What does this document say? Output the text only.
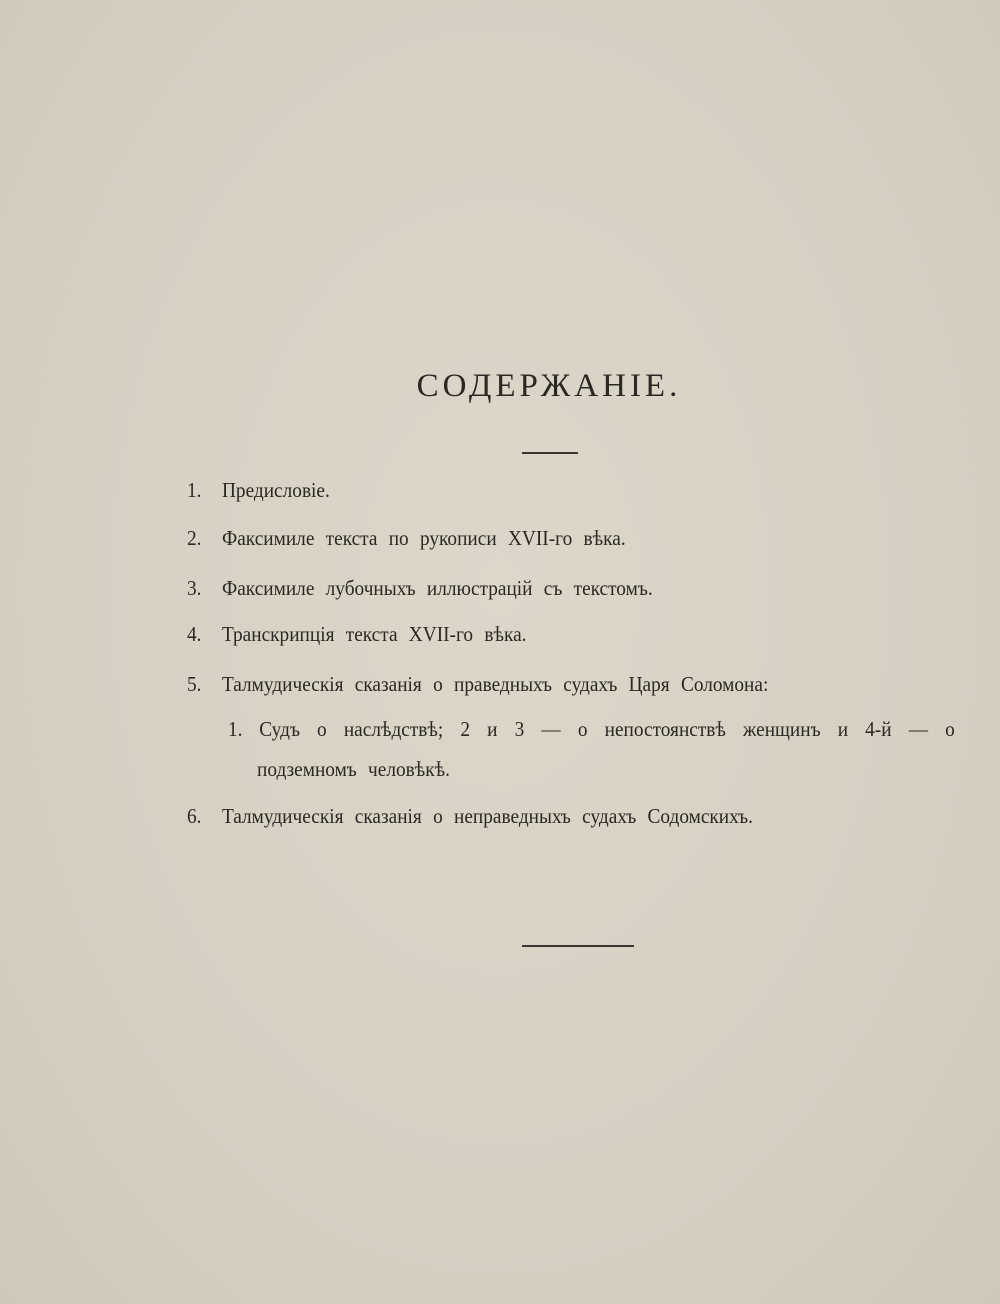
СОДЕРЖАНІЕ.
1. Предисловіе.
2. Факсимиле текста по рукописи XVII-го вѣка.
3. Факсимиле лубочныхъ иллюстрацій съ текстомъ.
4. Транскрипція текста XVII-го вѣка.
5. Талмудическія сказанія о праведныхъ судахъ Царя Соломона:
1. Судъ о наслѣдствѣ; 2 и 3 — о непостоянствѣ женщинъ и 4-й — о
подземномъ человѣкѣ.
6. Талмудическія сказанія о неправедныхъ судахъ Содомскихъ.
